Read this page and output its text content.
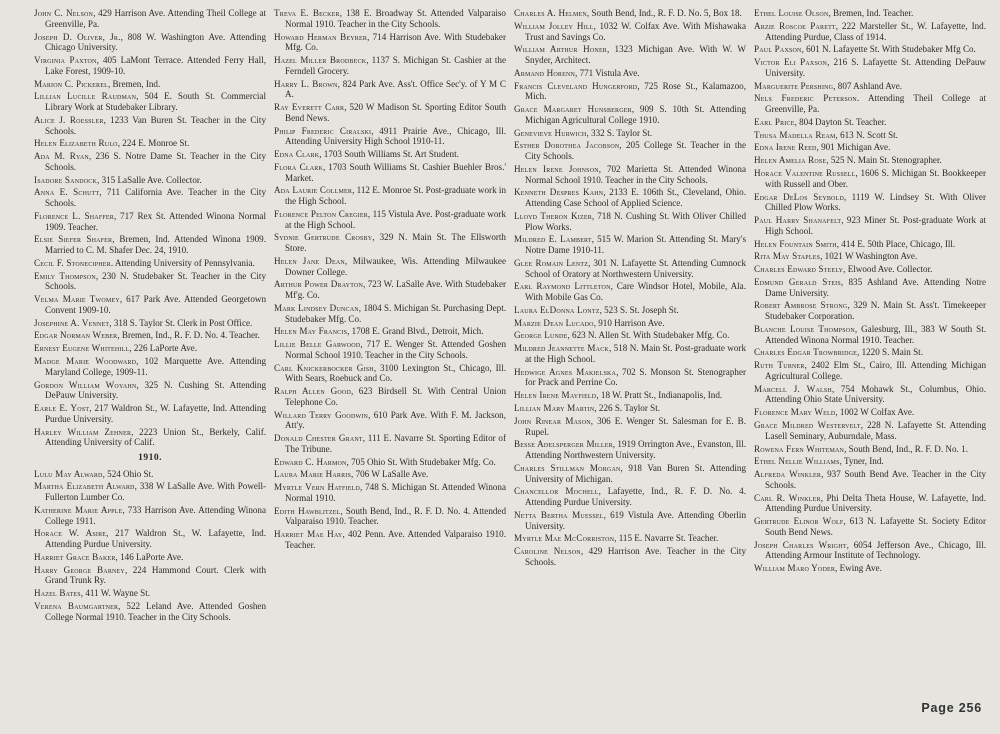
John C. Nelson, 429 Harrison Ave. Attending Theil College at Greenville, Pa.
Joseph D. Oliver, Jr., 808 W. Washington Ave. Attending Chicago University.
Virginia Paxton, 405 LaMont Terrace. Attended Ferry Hall, Lake Forest, 1909-10.
Marion C. Pickerel, Bremen, Ind.
Lillian Lucille Raudman, 504 E. South St. Commercial Library Work at Studebaker Library.
Alice J. Roessler, 1233 Van Buren St. Teacher in the City Schools.
Helen Elizabeth Rulo, 224 E. Monroe St.
Ada M. Ryan, 236 S. Notre Dame St. Teacher in the City Schools.
Isadore Sandock, 315 LaSalle Ave. Collector.
Anna E. Schutt, 711 California Ave. Teacher in the City Schools.
Florence L. Shaffer, 717 Rex St. Attended Winona Normal 1909. Teacher.
Elsie Siefer Shafer, Bremen, Ind. Attended Winona 1909. Married to C. M. Shafer Dec. 24, 1910.
Cecil F. Stonecipher. Attending University of Pennsylvania.
Emily Thompson, 230 N. Studebaker St. Teacher in the City Schools.
Velma Marie Twomey, 617 Park Ave. Attended Georgetown Convent 1909-10.
Josephine A. Vennet, 318 S. Taylor St. Clerk in Post Office.
Edgar Norman Weber, Bremen, Ind., R. F. D. No. 4. Teacher.
Ernest Eugene Whitehill, 226 LaPorte Ave.
Madge Marie Woodward, 102 Marquette Ave. Attending Maryland College, 1909-11.
Gordon William Woyahn, 325 N. Cushing St. Attending DePauw University.
Earle E. Yost, 217 Waldron St., W. Lafayette, Ind. Attending Purdue University.
Harley William Zehner, 2223 Union St., Berkely, Calif. Attending University of Calif.
1910.
Lulu May Alward, 524 Ohio St.
Martha Elizabeth Alward, 338 W LaSalle Ave. With Powell-Fullerton Lumber Co.
Katherine Marie Apple, 733 Harrison Ave. Attending Winona College 1911.
Horace W. Asire, 217 Waldron St., W. Lafayette, Ind. Attending Purdue University.
Harriet Grace Baker, 146 LaPorte Ave.
Harry George Barney, 224 Hammond Court. Clerk with Grand Trunk Ry.
Hazel Bates, 411 W. Wayne St.
Verena Baumgartner, 522 Leland Ave. Attended Goshen College Normal 1910. Teacher in the City Schools.
Treva E. Becker, 138 E. Broadway St. Attended Valparaiso Normal 1910. Teacher in the City Schools.
Howard Herman Beyrer, 714 Harrison Ave. With Studebaker Mfg. Co.
Hazel Miller Brodbeck, 1137 S. Michigan St. Cashier at the Ferndell Grocery.
Harry L. Brown, 824 Park Ave. Ass't. Office Sec'y. of Y M C A.
Ray Everett Carr, 520 W Madison St. Sporting Editor South Bend News.
Philip Frederic Ciralski, 4911 Prairie Ave., Chicago, Ill. Attending University High School 1910-11.
Edna Clark, 1703 South Williams St. Art Student.
Flora Clark, 1703 South Williams St. Cashier Buehler Bros.' Market.
Ada Laurie Collmer, 112 E. Monroe St. Post-graduate work in the High School.
Florence Pelton Cregier, 115 Vistula Ave. Post-graduate work at the High School.
Sydnie Gertrude Crosby, 329 N. Main St. The Ellsworth Store.
Helen Jane Dean, Milwaukee, Wis. Attending Milwaukee Downer College.
Arthur Power Drayton, 723 W. LaSalle Ave. With Studebaker Mf'g. Co.
Mark Lindsey Duncan, 1804 S. Michigan St. Purchasing Dept. Studebaker Mfg. Co.
Helen May Francis, 1708 E. Grand Blvd., Detroit, Mich.
Lillie Belle Garwood, 717 E. Wenger St. Attended Goshen Normal School 1910. Teacher in the City Schools.
Carl Knickerbocker Gish, 3100 Lexington St., Chicago, Ill. With Sears, Roebuck and Co.
Ralph Allen Good, 623 Birdsell St. With Central Union Telephone Co.
Willard Terry Goodwin, 610 Park Ave. With F. M. Jackson, Att'y.
Donald Chester Grant, 111 E. Navarre St. Sporting Editor of The Tribune.
Edward C. Harmon, 705 Ohio St. With Studebaker Mfg. Co.
Laura Marie Harris, 706 W LaSalle Ave.
Myrtle Vern Hatfield, 748 S. Michigan St. Attended Winona Normal 1910.
Edith Hawblitzel, South Bend, Ind., R. F. D. No. 4. Attended Valparaiso 1910. Teacher.
Harriet Mae Hay, 402 Penn. Ave. Attended Valparaiso 1910. Teacher.
Charles A. Helmen, South Bend, Ind., R. F. D. No. 5, Box 18.
William Jolley Hill, 1032 W. Colfax Ave. With Mishawaka Trust and Savings Co.
William Arthur Honer, 1323 Michigan Ave. With W. W Snyder, Architect.
Armand Horenn, 771 Vistula Ave.
Francis Cleveland Hungerford, 725 Rose St., Kalamazoo, Mich.
Grace Margaret Hunsberger, 909 S. 10th St. Attending Michigan Agricultural College 1910.
Genevieve Hurwich, 332 S. Taylor St.
Esther Dorothea Jacobson, 205 College St. Teacher in the City Schools.
Helen Irene Johnson, 702 Marietta St. Attended Winona Normal School 1910. Teacher in the City Schools.
Kenneth Despres Kahn, 2133 E. 106th St., Cleveland, Ohio. Attending Case School of Applied Science.
Lloyd Theron Kizer, 718 N. Cushing St. With Oliver Chilled Plow Works.
Mildred E. Lambert, 515 W. Marion St. Attending St. Mary's Notre Dame 1910-11.
Glee Romain Lentz, 301 N. Lafayette St. Attending Cumnock School of Oratory at Northwestern University.
Earl Raymond Littleton, Care Windsor Hotel, Mobile, Ala. With Mobile Gas Co.
Laura ElDonna Lontz, 523 S. St. Joseph St.
Marzie Dean Lucado, 910 Harrison Ave.
George Lunde, 623 N. Allen St. With Studebaker Mfg. Co.
Mildred Jeannette Mack, 518 N. Main St. Post-graduate work at the High School.
Hedwige Agnes Makielska, 702 S. Monson St. Stenographer for Prack and Perrine Co.
Helen Irene Mayfield, 18 W. Pratt St., Indianapolis, Ind.
Lillian Mary Martin, 226 S. Taylor St.
John Rinear Mason, 306 E. Wenger St. Salesman for E. B. Rupel.
Besse Adelsperger Miller, 1919 Orrington Ave., Evanston, Ill. Attending Northwestern University.
Charles Stillman Morgan, 918 Van Buren St. Attending University of Michigan.
Chancellor Mochell, Lafayette, Ind., R. F. D. No. 4. Attending Purdue University.
Netta Bertha Muessel, 619 Vistula Ave. Attending Oberlin University.
Myrtle Mae McCorriston, 115 E. Navarre St. Teacher.
Caroline Nelson, 429 Harrison Ave. Teacher in the City Schools.
Ethel Louise Olson, Bremen, Ind. Teacher.
Arzie Roscoe Parett, 222 Marsteller St., W. Lafayette, Ind. Attending Purdue, Class of 1914.
Paul Paxson, 601 N. Lafayette St. With Studebaker Mfg Co.
Victor Eli Paxson, 216 S. Lafayette St. Attending DePauw University.
Marguerite Pershing, 807 Ashland Ave.
Nels Frederic Peterson. Attending Theil College at Greenville, Pa.
Earl Price, 804 Dayton St. Teacher.
Thusa Madella Ream, 613 N. Scott St.
Edna Irene Reed, 901 Michigan Ave.
Helen Amelia Rose, 525 N. Main St. Stenographer.
Horace Valentine Russell, 1606 S. Michigan St. Bookkeeper with Russell and Ober.
Edgar DeLos Seybold, 1119 W. Lindsey St. With Oliver Chilled Plow Works.
Paul Harry Shanafelt, 923 Miner St. Post-graduate Work at High School.
Helen Fountain Smith, 414 E. 50th Place, Chicago, Ill.
Rita May Staples, 1021 W Washington Ave.
Charles Edward Steely, Elwood Ave. Collector.
Edmund Gerald Steis, 835 Ashland Ave. Attending Notre Dame University.
Robert Ambrose Strong, 329 N. Main St. Ass't. Timekeeper Studebaker Corporation.
Blanche Louise Thompson, Galesburg, Ill., 383 W South St. Attended Winona Normal 1910. Teacher.
Charles Edgar Trowbridge, 1220 S. Main St.
Ruth Turner, 2402 Elm St., Cairo, Ill. Attending Michigan Agricultural College.
Marcell J. Walsh, 754 Mohawk St., Columbus, Ohio. Attending Ohio State University.
Florence Mary Weld, 1002 W Colfax Ave.
Grace Mildred Westervelt, 228 N. Lafayette St. Attending Lasell Seminary, Auburndale, Mass.
Rowena Fern Whiteman, South Bend, Ind., R. F. D. No. 1.
Ethel Nellie Williams, Tyner, Ind.
Alfreda Winkler, 937 South Bend Ave. Teacher in the City Schools.
Carl R. Winkler, Phi Delta Theta House, W. Lafayette, Ind. Attending Purdue University.
Gertrude Elinor Wolf, 613 N. Lafayette St. Society Editor South Bend News.
Joseph Charles Wright, 6054 Jefferson Ave., Chicago, Ill. Attending Armour Institute of Technology.
William Maro Yoder, Ewing Ave.
Page 256
